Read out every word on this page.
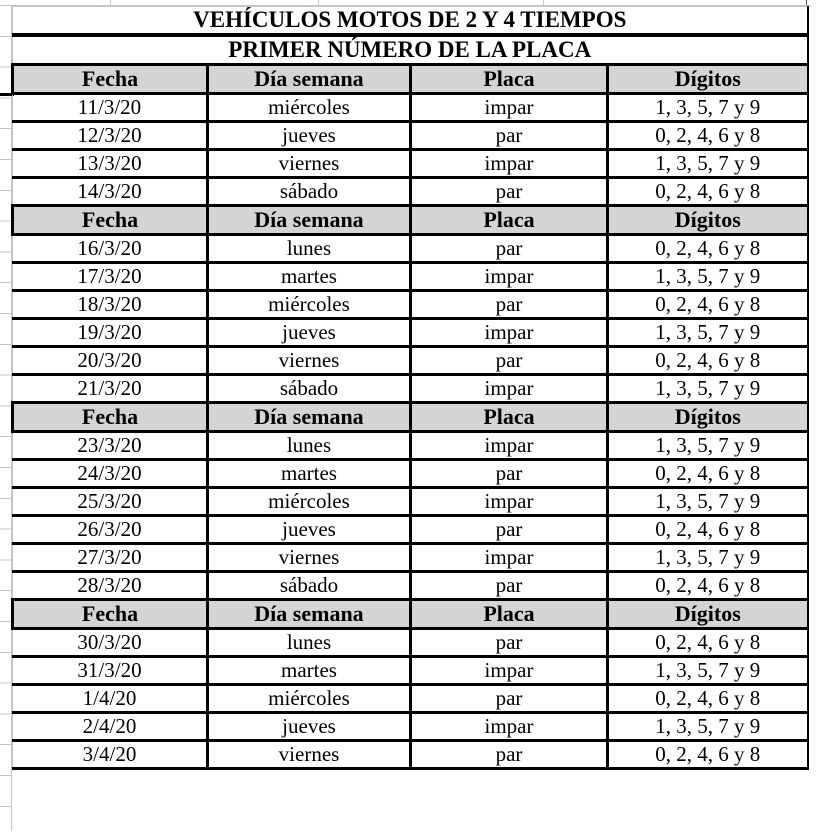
VEHÍCULOS MOTOS DE 2 Y 4 TIEMPOS			
PRIMER NÚMERO DE LA PLACA			
Fecha	Día semana	Placa	Dígitos
11/3/20	miércoles	impar	1, 3, 5, 7 y 9
12/3/20	jueves	par	0, 2, 4, 6 y 8
13/3/20	viernes	impar	1, 3, 5, 7 y 9
14/3/20	sábado	par	0, 2, 4, 6 y 8
Fecha	Día semana	Placa	Dígitos
16/3/20	lunes	par	0, 2, 4, 6 y 8
17/3/20	martes	impar	1, 3, 5, 7 y 9
18/3/20	miércoles	par	0, 2, 4, 6 y 8
19/3/20	jueves	impar	1, 3, 5, 7 y 9
20/3/20	viernes	par	0, 2, 4, 6 y 8
21/3/20	sábado	impar	1, 3, 5, 7 y 9
Fecha	Día semana	Placa	Dígitos
23/3/20	lunes	impar	1, 3, 5, 7 y 9
24/3/20	martes	par	0, 2, 4, 6 y 8
25/3/20	miércoles	impar	1, 3, 5, 7 y 9
26/3/20	jueves	par	0, 2, 4, 6 y 8
27/3/20	viernes	impar	1, 3, 5, 7 y 9
28/3/20	sábado	par	0, 2, 4, 6 y 8
Fecha	Día semana	Placa	Dígitos
30/3/20	lunes	par	0, 2, 4, 6 y 8
31/3/20	martes	impar	1, 3, 5, 7 y 9
1/4/20	miércoles	par	0, 2, 4, 6 y 8
2/4/20	jueves	impar	1, 3, 5, 7 y 9
3/4/20	viernes	par	0, 2, 4, 6 y 8
